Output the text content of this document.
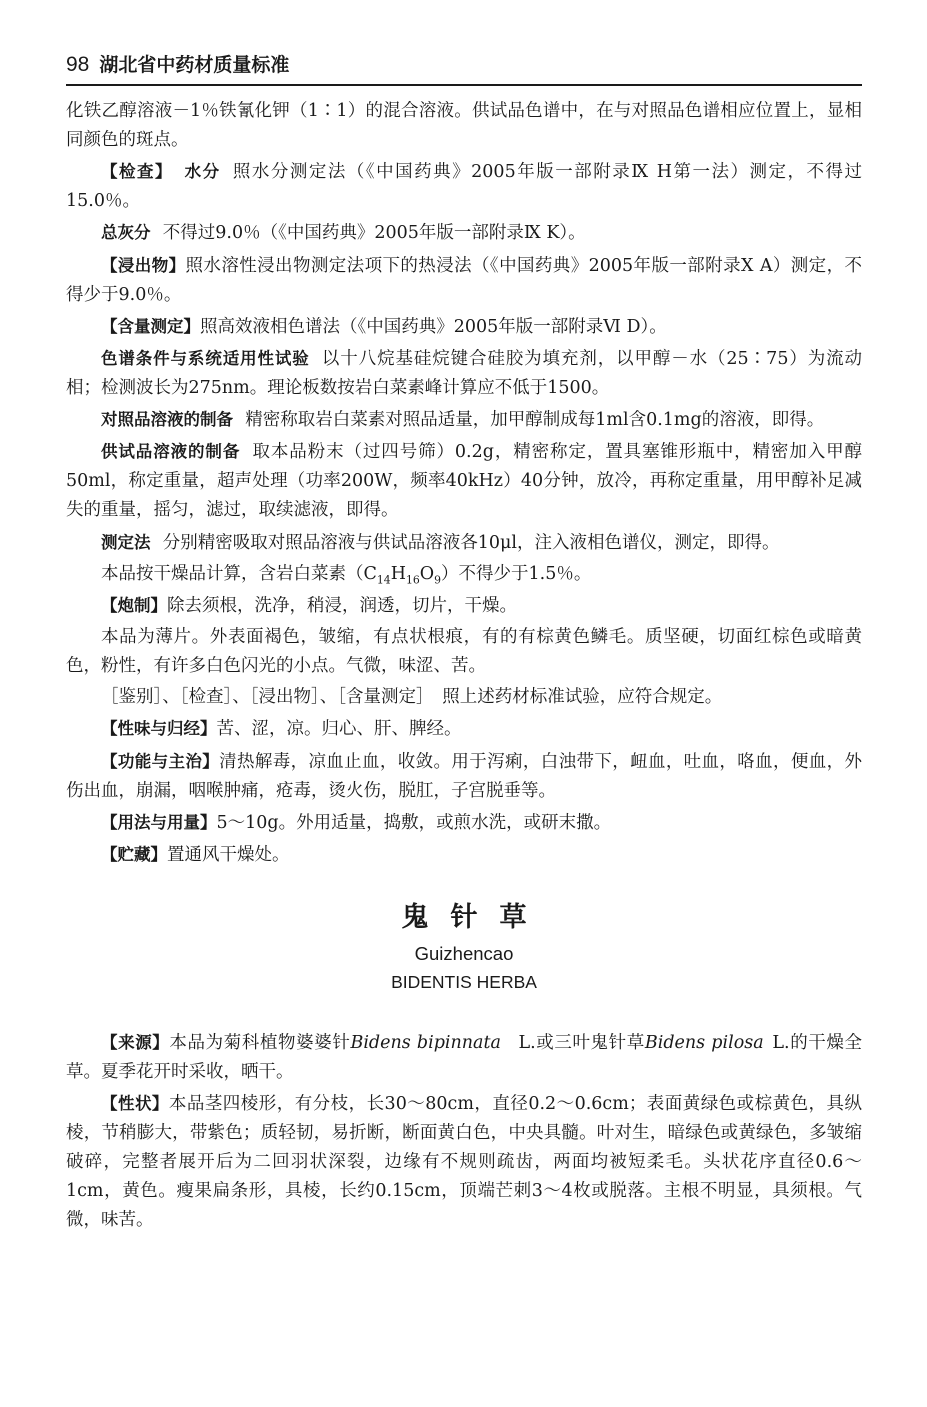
98 湖北省中药材质量标准

化铁乙醇溶液－1％铁氰化钾（1∶1）的混合溶液。供试品色谱中，在与对照品色谱相应位置上，显相同颜色的斑点。

【检查】 水分 照水分测定法（《中国药典》2005年版一部附录Ⅸ H第一法）测定，不得过15.0％。

总灰分 不得过9.0％（《中国药典》2005年版一部附录Ⅸ K）。

【浸出物】照水溶性浸出物测定法项下的热浸法（《中国药典》2005年版一部附录Ⅹ A）测定，不得少于9.0％。

【含量测定】照高效液相色谱法（《中国药典》2005年版一部附录Ⅵ D）。

色谱条件与系统适用性试验 以十八烷基硅烷键合硅胶为填充剂，以甲醇－水（25∶75）为流动相；检测波长为275nm。理论板数按岩白菜素峰计算应不低于1500。

对照品溶液的制备 精密称取岩白菜素对照品适量，加甲醇制成每1ml含0.1mg的溶液，即得。

供试品溶液的制备 取本品粉末（过四号筛）0.2g，精密称定，置具塞锥形瓶中，精密加入甲醇50ml，称定重量，超声处理（功率200W，频率40kHz）40分钟，放冷，再称定重量，用甲醇补足减失的重量，摇匀，滤过，取续滤液，即得。

测定法 分别精密吸取对照品溶液与供试品溶液各10μl，注入液相色谱仪，测定，即得。

本品按干燥品计算，含岩白菜素$(C_{14}H_{16}O_9)$不得少于1.5％。

【炮制】除去须根，洗净，稍浸，润透，切片，干燥。

本品为薄片。外表面褐色，皱缩，有点状根痕，有的有棕黄色鳞毛。质坚硬，切面红棕色或暗黄色，粉性，有许多白色闪光的小点。气微，味涩、苦。

［鉴别］、［检查］、［浸出物］、［含量测定］　照上述药材标准试验，应符合规定。

【性味与归经】苦、涩，凉。归心、肝、脾经。

【功能与主治】清热解毒，凉血止血，收敛。用于泻痢，白浊带下，衄血，吐血，咯血，便血，外伤出血，崩漏，咽喉肿痛，疮毒，烫火伤，脱肛，子宫脱垂等。

【用法与用量】5～10g。外用适量，捣敷，或煎水洗，或研末撒。

【贮藏】置通风干燥处。

鬼针草
Guizhencao
BIDENTIS HERBA

【来源】本品为菊科植物婆婆针Bidens bipinnata  L.或三叶鬼针草Bidens pilosa  L.的干燥全草。夏季花开时采收，晒干。

【性状】本品茎四棱形，有分枝，长30～80cm，直径0.2～0.6cm；表面黄绿色或棕黄色，具纵棱，节稍膨大，带紫色；质轻韧，易折断，断面黄白色，中央具髓。叶对生，暗绿色或黄绿色，多皱缩破碎，完整者展开后为二回羽状深裂，边缘有不规则疏齿，两面均被短柔毛。头状花序直径0.6～1cm，黄色。瘦果扁条形，具棱，长约0.15cm，顶端芒刺3～4枚或脱落。主根不明显，具须根。气微，味苦。
